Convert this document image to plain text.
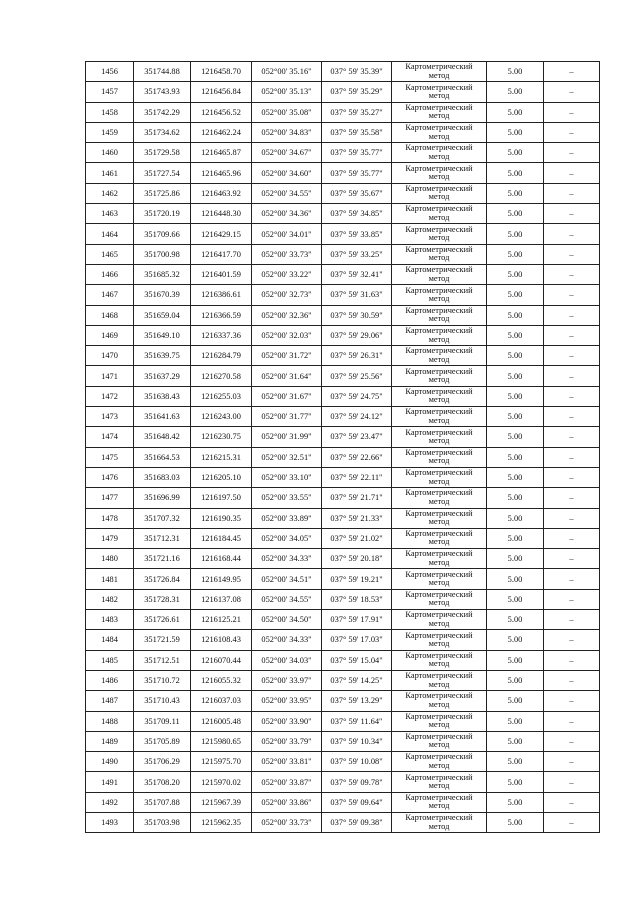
1456	351744.88	1216458.70	052°00' 35.16"	037° 59' 35.39"	Картометрический
метод	5.00	–
1457	351743.93	1216456.84	052°00' 35.13"	037° 59' 35.29"	Картометрический
метод	5.00	–
1458	351742.29	1216456.52	052°00' 35.08"	037° 59' 35.27"	Картометрический
метод	5.00	–
1459	351734.62	1216462.24	052°00' 34.83"	037° 59' 35.58"	Картометрический
метод	5.00	–
1460	351729.58	1216465.87	052°00' 34.67"	037° 59' 35.77"	Картометрический
метод	5.00	–
1461	351727.54	1216465.96	052°00' 34.60"	037° 59' 35.77"	Картометрический
метод	5.00	–
1462	351725.86	1216463.92	052°00' 34.55"	037° 59' 35.67"	Картометрический
метод	5.00	–
1463	351720.19	1216448.30	052°00' 34.36"	037° 59' 34.85"	Картометрический
метод	5.00	–
1464	351709.66	1216429.15	052°00' 34.01"	037° 59' 33.85"	Картометрический
метод	5.00	–
1465	351700.98	1216417.70	052°00' 33.73"	037° 59' 33.25"	Картометрический
метод	5.00	–
1466	351685.32	1216401.59	052°00' 33.22"	037° 59' 32.41"	Картометрический
метод	5.00	–
1467	351670.39	1216386.61	052°00' 32.73"	037° 59' 31.63"	Картометрический
метод	5.00	–
1468	351659.04	1216366.59	052°00' 32.36"	037° 59' 30.59"	Картометрический
метод	5.00	–
1469	351649.10	1216337.36	052°00' 32.03"	037° 59' 29.06"	Картометрический
метод	5.00	–
1470	351639.75	1216284.79	052°00' 31.72"	037° 59' 26.31"	Картометрический
метод	5.00	–
1471	351637.29	1216270.58	052°00' 31.64"	037° 59' 25.56"	Картометрический
метод	5.00	–
1472	351638.43	1216255.03	052°00' 31.67"	037° 59' 24.75"	Картометрический
метод	5.00	–
1473	351641.63	1216243.00	052°00' 31.77"	037° 59' 24.12"	Картометрический
метод	5.00	–
1474	351648.42	1216230.75	052°00' 31.99"	037° 59' 23.47"	Картометрический
метод	5.00	–
1475	351664.53	1216215.31	052°00' 32.51"	037° 59' 22.66"	Картометрический
метод	5.00	–
1476	351683.03	1216205.10	052°00' 33.10"	037° 59' 22.11"	Картометрический
метод	5.00	–
1477	351696.99	1216197.50	052°00' 33.55"	037° 59' 21.71"	Картометрический
метод	5.00	–
1478	351707.32	1216190.35	052°00' 33.89"	037° 59' 21.33"	Картометрический
метод	5.00	–
1479	351712.31	1216184.45	052°00' 34.05"	037° 59' 21.02"	Картометрический
метод	5.00	–
1480	351721.16	1216168.44	052°00' 34.33"	037° 59' 20.18"	Картометрический
метод	5.00	–
1481	351726.84	1216149.95	052°00' 34.51"	037° 59' 19.21"	Картометрический
метод	5.00	–
1482	351728.31	1216137.08	052°00' 34.55"	037° 59' 18.53"	Картометрический
метод	5.00	–
1483	351726.61	1216125.21	052°00' 34.50"	037° 59' 17.91"	Картометрический
метод	5.00	–
1484	351721.59	1216108.43	052°00' 34.33"	037° 59' 17.03"	Картометрический
метод	5.00	–
1485	351712.51	1216070.44	052°00' 34.03"	037° 59' 15.04"	Картометрический
метод	5.00	–
1486	351710.72	1216055.32	052°00' 33.97"	037° 59' 14.25"	Картометрический
метод	5.00	–
1487	351710.43	1216037.03	052°00' 33.95"	037° 59' 13.29"	Картометрический
метод	5.00	–
1488	351709.11	1216005.48	052°00' 33.90"	037° 59' 11.64"	Картометрический
метод	5.00	–
1489	351705.89	1215980.65	052°00' 33.79"	037° 59' 10.34"	Картометрический
метод	5.00	–
1490	351706.29	1215975.70	052°00' 33.81"	037° 59' 10.08"	Картометрический
метод	5.00	–
1491	351708.20	1215970.02	052°00' 33.87"	037° 59' 09.78"	Картометрический
метод	5.00	–
1492	351707.88	1215967.39	052°00' 33.86"	037° 59' 09.64"	Картометрический
метод	5.00	–
1493	351703.98	1215962.35	052°00' 33.73"	037° 59' 09.38"	Картометрический
метод	5.00	–
